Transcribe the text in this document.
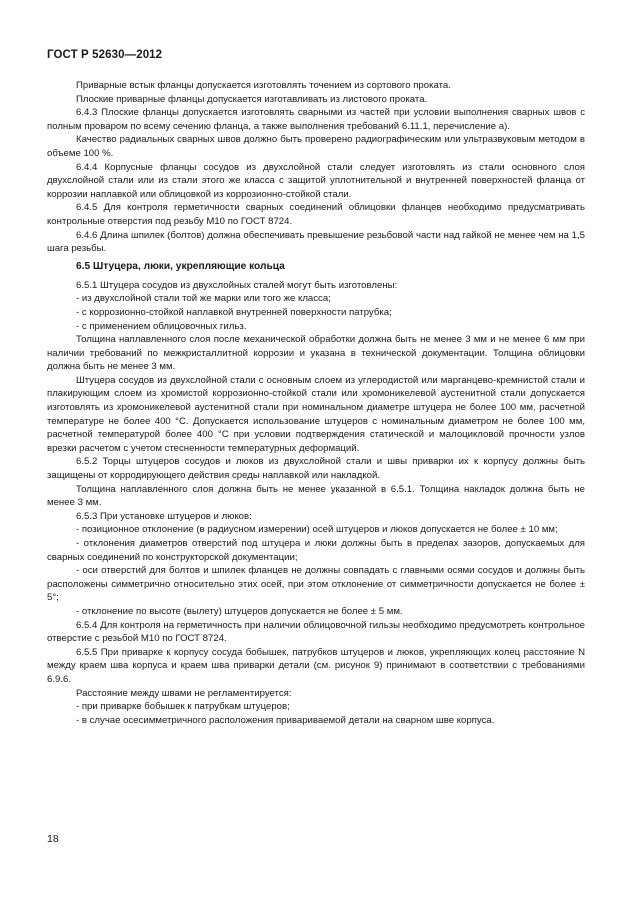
ГОСТ Р 52630—2012

Приварные встык фланцы допускается изготовлять точением из сортового проката.

Плоские приварные фланцы допускается изготавливать из листового проката.

6.4.3 Плоские фланцы допускается изготовлять сварными из частей при условии выполнения сварных швов с полным проваром по всему сечению фланца, а также выполнения требований 6.11.1, перечисление а).

Качество радиальных сварных швов должно быть проверено радиографическим или ультразвуковым методом в объеме 100 %.

6.4.4 Корпусные фланцы сосудов из двухслойной стали следует изготовлять из стали основного слоя двухслойной стали или из стали этого же класса с защитой уплотнительной и внутренней поверхностей фланца от коррозии наплавкой или облицовкой из коррозионно-стойкой стали.

6.4.5 Для контроля герметичности сварных соединений облицовки фланцев необходимо предусматривать контрольные отверстия под резьбу М10 по ГОСТ 8724.

6.4.6 Длина шпилек (болтов) должна обеспечивать превышение резьбовой части над гайкой не менее чем на 1,5 шага резьбы.

6.5 Штуцера, люки, укрепляющие кольца

6.5.1 Штуцера сосудов из двухслойных сталей могут быть изготовлены:

- из двухслойной стали той же марки или того же класса;

- с коррозионно-стойкой наплавкой внутренней поверхности патрубка;

- с применением облицовочных гильз.

Толщина наплавленного слоя после механической обработки должна быть не менее 3 мм и не менее 6 мм при наличии требований по межкристаллитной коррозии и указана в технической документации. Толщина облицовки должна быть не менее 3 мм.

Штуцера сосудов из двухслойной стали с основным слоем из углеродистой или марганцево-кремнистой стали и плакирующим слоем из хромистой коррозионно-стойкой стали или хромоникелевой аустенитной стали допускается изготовлять из хромоникелевой аустенитной стали при номинальном диаметре штуцера не более 100 мм, расчетной температуре не более 400 °С. Допускается использование штуцеров с номинальным диаметром не более 100 мм, расчетной температурой более 400 °С при условии подтверждения статической и малоцикловой прочности узлов врезки расчетом с учетом стесненности температурных деформаций.

6.5.2 Торцы штуцеров сосудов и люков из двухслойной стали и швы приварки их к корпусу должны быть защищены от корродирующего действия среды наплавкой или накладкой.

Толщина наплавленного слоя должна быть не менее указанной в 6.5.1. Толщина накладок должна быть не менее 3 мм.

6.5.3 При установке штуцеров и люков:

- позиционное отклонение (в радиусном измерении) осей штуцеров и люков допускается не более ± 10 мм;

- отклонения диаметров отверстий под штуцера и люки должны быть в пределах зазоров, допускаемых для сварных соединений по конструкторской документации;

- оси отверстий для болтов и шпилек фланцев не должны совпадать с главными осями сосудов и должны быть расположены симметрично относительно этих осей, при этом отклонение от симметричности допускается не более ± 5°;

- отклонение по высоте (вылету) штуцеров допускается не более ± 5 мм.

6.5.4 Для контроля на герметичность при наличии облицовочной гильзы необходимо предусмотреть контрольное отверстие с резьбой М10 по ГОСТ 8724.

6.5.5 При приварке к корпусу сосуда бобышек, патрубков штуцеров и люков, укрепляющих колец расстояние N между краем шва корпуса и краем шва приварки детали (см. рисунок 9) принимают в соответствии с требованиями 6.9.6.

Расстояние между швами не регламентируется:

- при приварке бобышек к патрубкам штуцеров;

- в случае осесимметричного расположения привариваемой детали на сварном шве корпуса.

18
